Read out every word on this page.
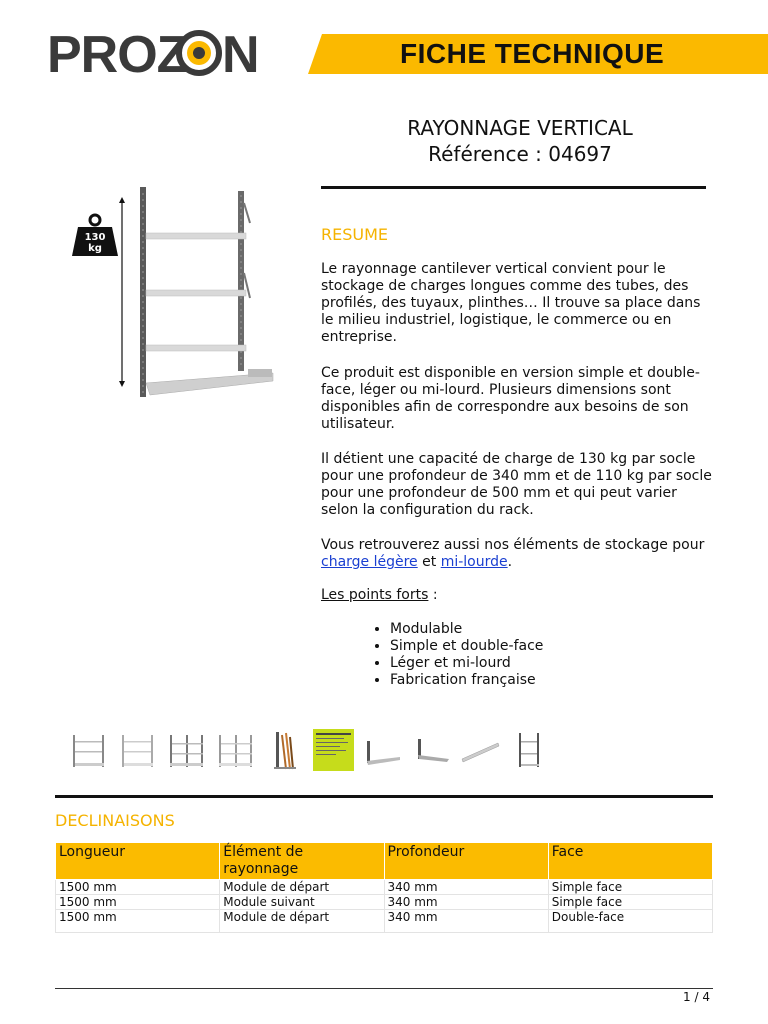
PROZ N	FICHE TECHNIQUE
RAYONNAGE VERTICAL
Référence : 04697
130
kg
RESUME
Le rayonnage cantilever vertical convient pour le stockage de charges longues comme des tubes, des profilés, des tuyaux, plinthes… Il trouve sa place dans le milieu industriel, logistique, le commerce ou en entreprise.
Ce produit est disponible en version simple et double-face, léger ou mi-lourd. Plusieurs dimensions sont disponibles afin de correspondre aux besoins de son utilisateur.
Il détient une capacité de charge de 130 kg par socle pour une profondeur de 340 mm et de 110 kg par socle pour une profondeur de 500 mm et qui peut varier selon la configuration du rack.
Vous retrouverez aussi nos éléments de stockage pour charge légère et mi-lourde.
Les points forts :
• Modulable
• Simple et double-face
• Léger et mi-lourd
• Fabrication française
DECLINAISONS
Longueur	Élément de rayonnage	Profondeur	Face
1500 mm	Module de départ	340 mm	Simple face
1500 mm	Module suivant	340 mm	Simple face
1500 mm	Module de départ	340 mm	Double-face
1 / 4
